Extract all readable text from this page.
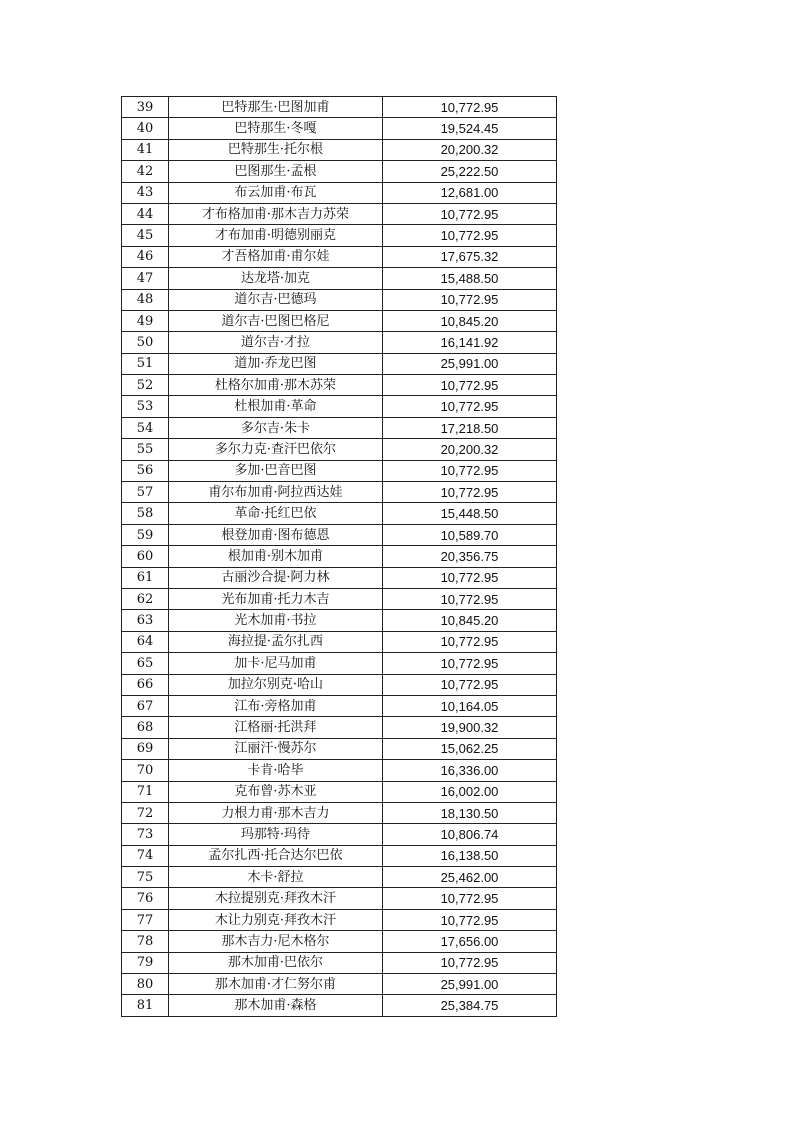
39	巴特那生·巴图加甫	10,772.95
40	巴特那生·冬嘎	19,524.45
41	巴特那生·托尔根	20,200.32
42	巴图那生·孟根	25,222.50
43	布云加甫·布瓦	12,681.00
44	才布格加甫·那木吉力苏荣	10,772.95
45	才布加甫·明德别丽克	10,772.95
46	才吾格加甫·甫尔娃	17,675.32
47	达龙塔·加克	15,488.50
48	道尔吉·巴德玛	10,772.95
49	道尔吉·巴图巴格尼	10,845.20
50	道尔吉·才拉	16,141.92
51	道加·乔龙巴图	25,991.00
52	杜格尔加甫·那木苏荣	10,772.95
53	杜根加甫·革命	10,772.95
54	多尔吉·朱卡	17,218.50
55	多尔力克·查汗巴依尔	20,200.32
56	多加·巴音巴图	10,772.95
57	甫尔布加甫·阿拉西达娃	10,772.95
58	革命·托红巴依	15,448.50
59	根登加甫·图布德恩	10,589.70
60	根加甫·别木加甫	20,356.75
61	古丽沙合提·阿力林	10,772.95
62	光布加甫·托力木吉	10,772.95
63	光木加甫·书拉	10,845.20
64	海拉提·孟尔扎西	10,772.95
65	加卡·尼马加甫	10,772.95
66	加拉尔别克·哈山	10,772.95
67	江布·旁格加甫	10,164.05
68	江格丽·托洪拜	19,900.32
69	江丽汗·慢苏尔	15,062.25
70	卡肯·哈毕	16,336.00
71	克布曾·苏木亚	16,002.00
72	力根力甫·那木吉力	18,130.50
73	玛那特·玛待	10,806.74
74	孟尔扎西·托合达尔巴依	16,138.50
75	木卡·舒拉	25,462.00
76	木拉提别克·拜孜木汗	10,772.95
77	木让力别克·拜孜木汗	10,772.95
78	那木吉力·尼木格尔	17,656.00
79	那木加甫·巴依尔	10,772.95
80	那木加甫·才仁努尔甫	25,991.00
81	那木加甫·森格	25,384.75
